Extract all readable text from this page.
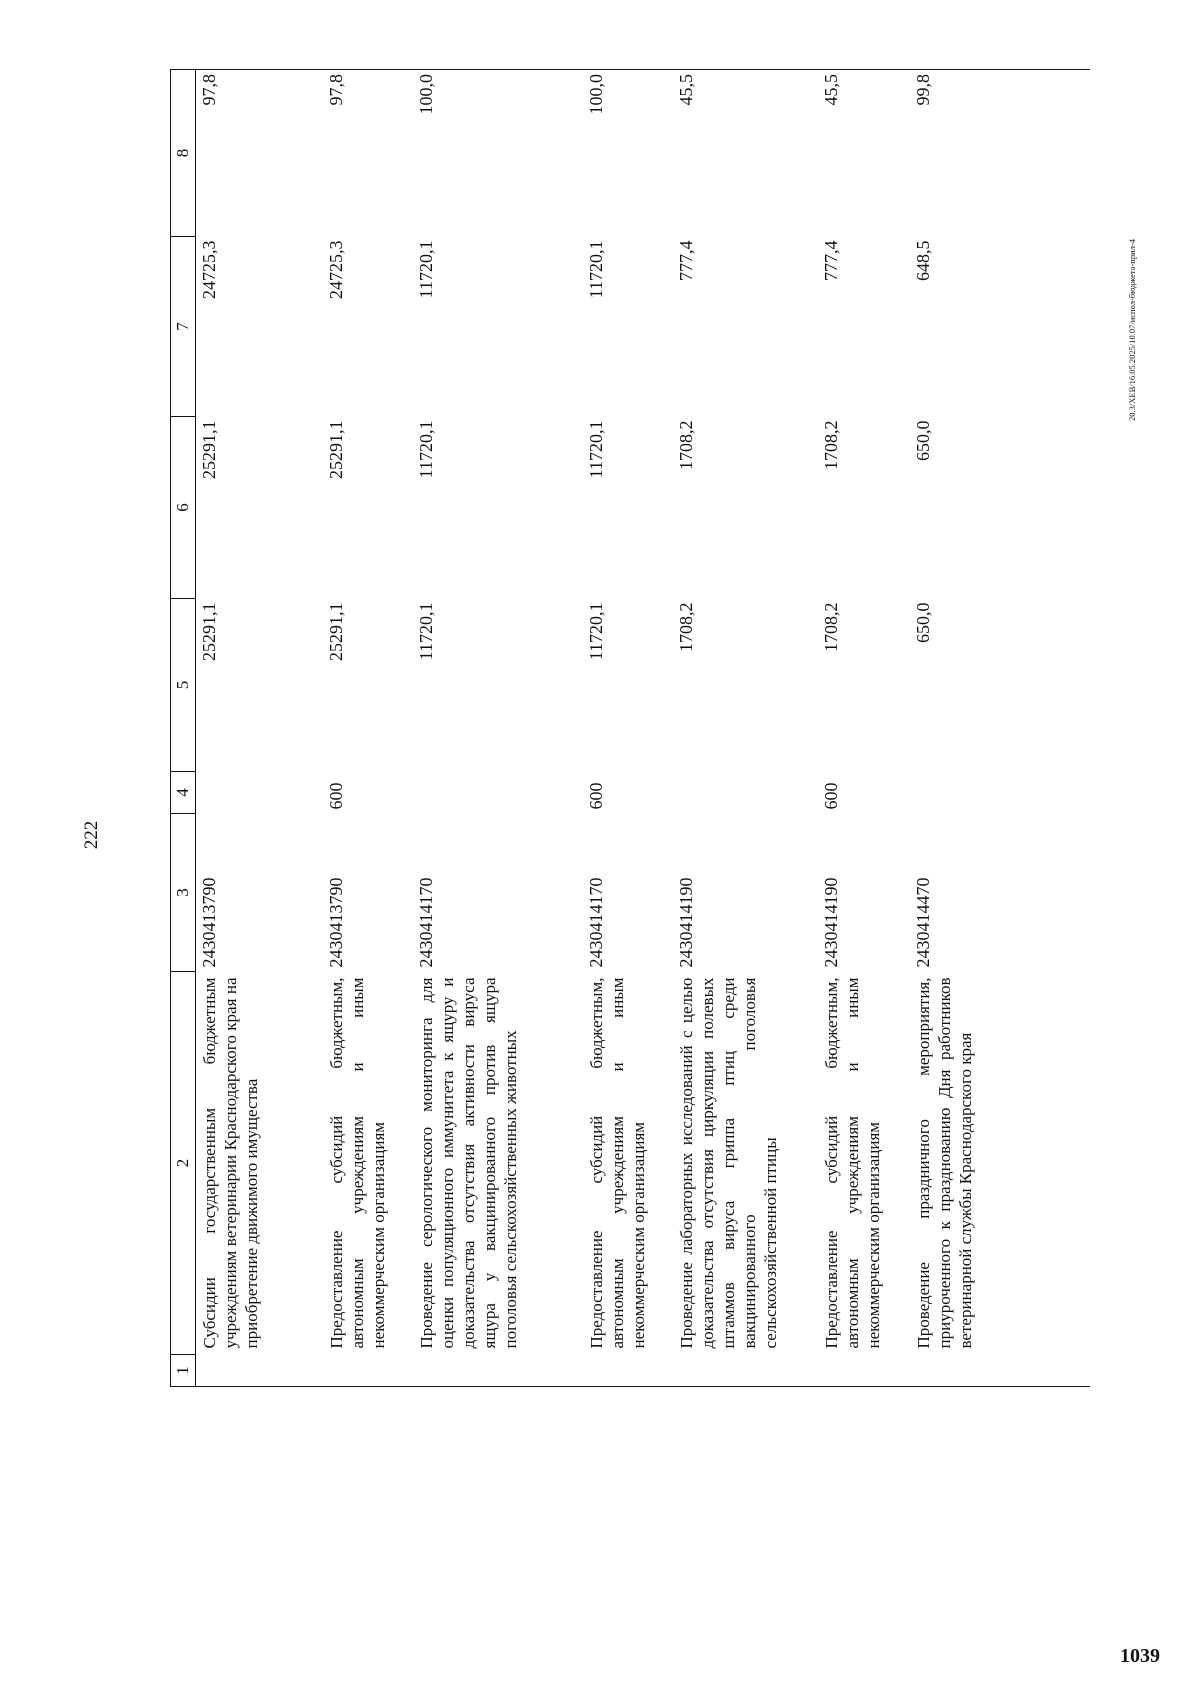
222
20.3/ХЕВ/16.05.2025/10.07/испол-бюджета-прил-4
1039
1	2	3	4	5	6	7	8
	Субсидии государственным бюджетным учреждениям ветеринарии Краснодарского края на приобретение движимого имущества	2430413790		25291,1	25291,1	24725,3	97,8
	Предоставление субсидий бюджетным, автономным учреждениям и иным некоммерческим организациям	2430413790	600	25291,1	25291,1	24725,3	97,8
	Проведение серологического мониторинга для оценки популяционного иммунитета к ящуру и доказательства отсутствия активности вируса ящура у вакцинированного против ящура поголовья сельскохозяйственных животных	2430414170		11720,1	11720,1	11720,1	100,0
	Предоставление субсидий бюджетным, автономным учреждениям и иным некоммерческим организациям	2430414170	600	11720,1	11720,1	11720,1	100,0
	Проведение лабораторных исследований с целью доказательства отсутствия циркуляции полевых штаммов вируса гриппа птиц среди вакцинированного поголовья сельскохозяйственной птицы	2430414190		1708,2	1708,2	777,4	45,5
	Предоставление субсидий бюджетным, автономным учреждениям и иным некоммерческим организациям	2430414190	600	1708,2	1708,2	777,4	45,5
	Проведение праздничного мероприятия, приуроченного к празднованию Дня работников ветеринарной службы Краснодарского края	2430414470		650,0	650,0	648,5	99,8
